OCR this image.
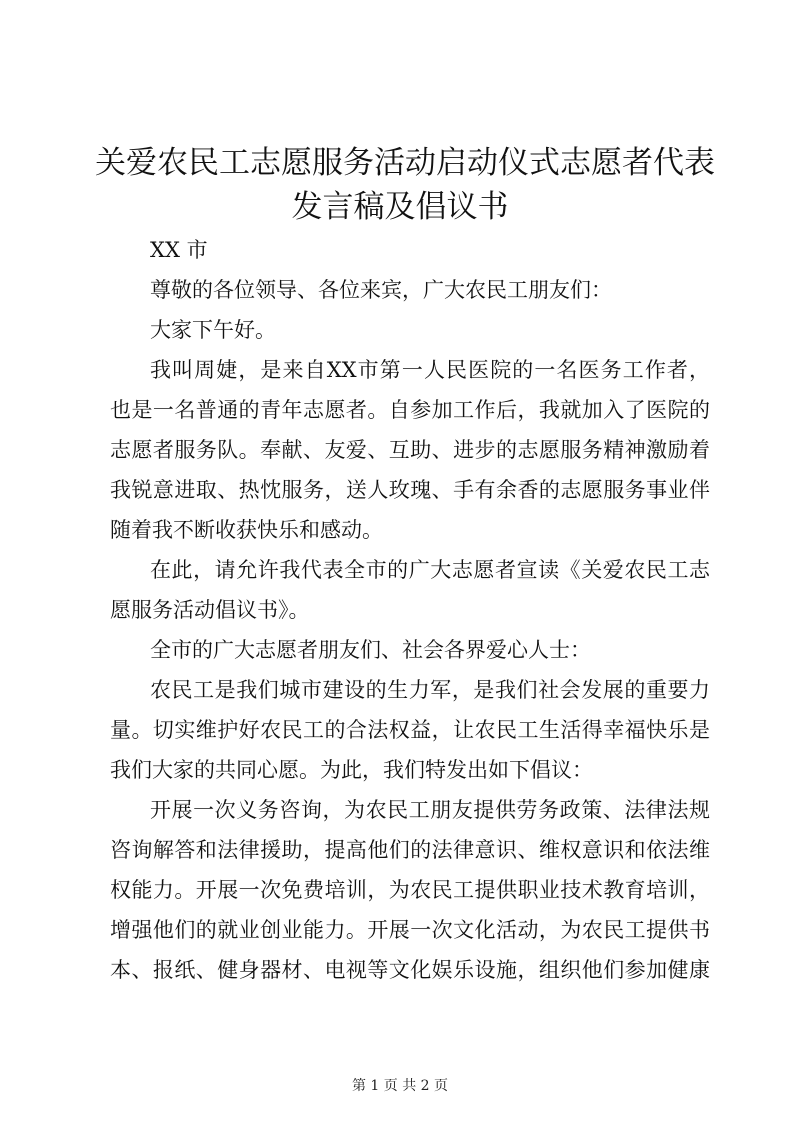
关爱农民工志愿服务活动启动仪式志愿者代表
发言稿及倡议书
XX 市
尊敬的各位领导、各位来宾，广大农民工朋友们：
大家下午好。
我叫周婕，是来自XX市第一人民医院的一名医务工作者，
也是一名普通的青年志愿者。自参加工作后，我就加入了医院的
志愿者服务队。奉献、友爱、互助、进步的志愿服务精神激励着
我锐意进取、热忱服务，送人玫瑰、手有余香的志愿服务事业伴
随着我不断收获快乐和感动。
在此，请允许我代表全市的广大志愿者宣读《关爱农民工志
愿服务活动倡议书》。
全市的广大志愿者朋友们、社会各界爱心人士：
农民工是我们城市建设的生力军，是我们社会发展的重要力
量。切实维护好农民工的合法权益，让农民工生活得幸福快乐是
我们大家的共同心愿。为此，我们特发出如下倡议：
开展一次义务咨询，为农民工朋友提供劳务政策、法律法规
咨询解答和法律援助，提高他们的法律意识、维权意识和依法维
权能力。开展一次免费培训，为农民工提供职业技术教育培训，
增强他们的就业创业能力。开展一次文化活动，为农民工提供书
本、报纸、健身器材、电视等文化娱乐设施，组织他们参加健康
第 1 页 共 2 页
